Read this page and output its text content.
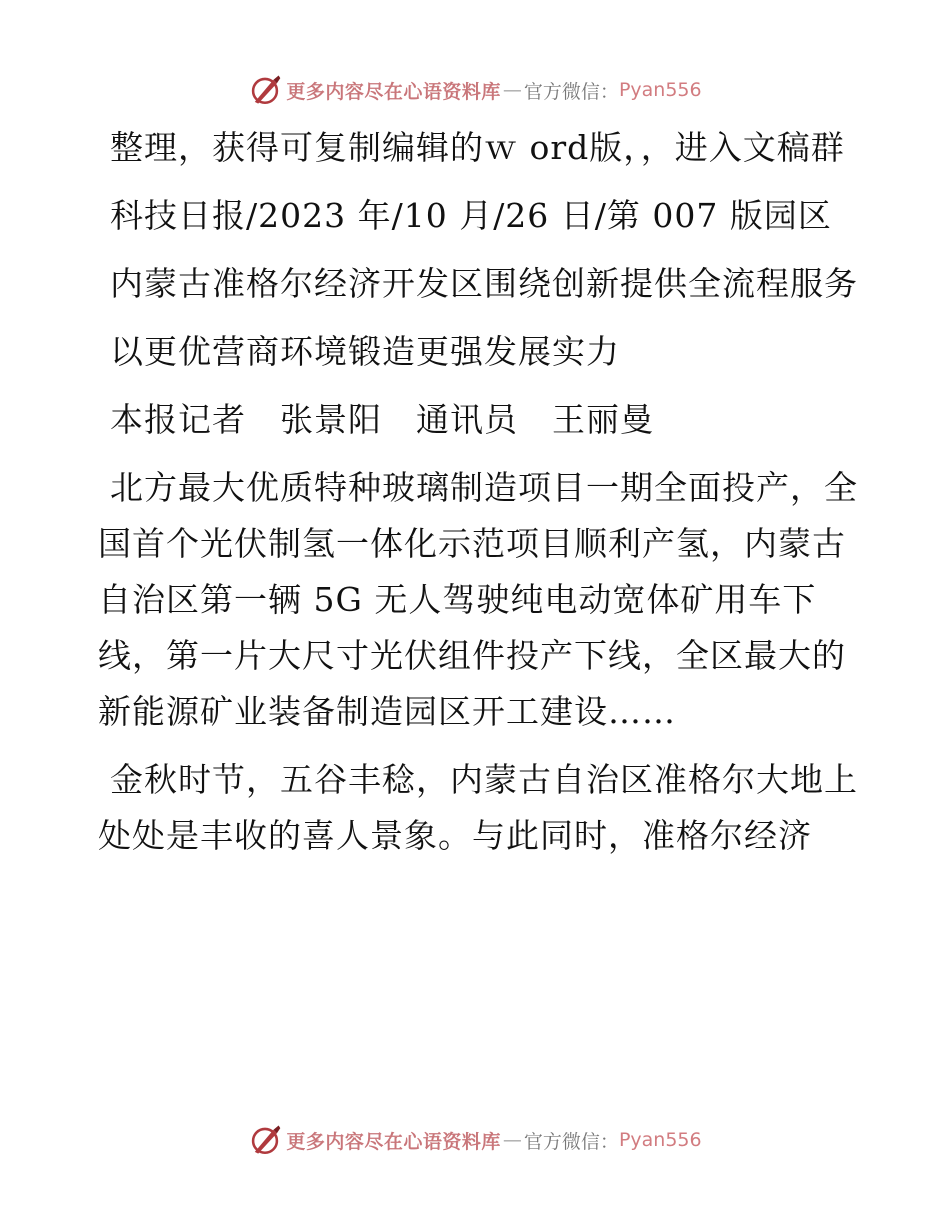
更多内容尽在心语资料库 — 官方微信： Pyan556

整理，获得可复制编辑的ｗ ord版，，进入文稿群

科技日报/2023 年/10 月/26 日/第 007 版园区

内蒙古准格尔经济开发区围绕创新提供全流程服务

以更优营商环境锻造更强发展实力

本报记者　张景阳　通讯员　王丽曼

北方最大优质特种玻璃制造项目一期全面投产，全国首个光伏制氢一体化示范项目顺利产氢，内蒙古自治区第一辆 5G 无人驾驶纯电动宽体矿用车下线，第一片大尺寸光伏组件投产下线，全区最大的新能源矿业装备制造园区开工建设……

金秋时节，五谷丰稔，内蒙古自治区准格尔大地上处处是丰收的喜人景象。与此同时，准格尔经济

更多内容尽在心语资料库 — 官方微信： Pyan556
